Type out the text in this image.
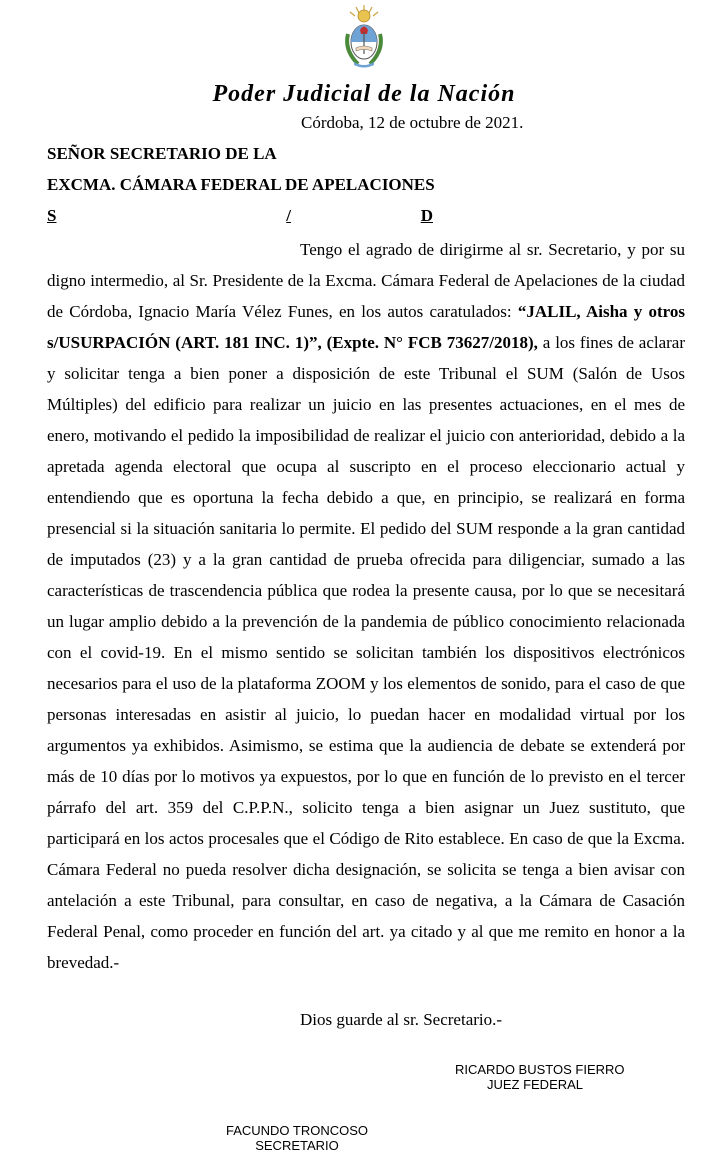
Poder Judicial de la Nación
Córdoba, 12 de octubre de 2021.
SEÑOR SECRETARIO DE LA
EXCMA. CÁMARA FEDERAL DE APELACIONES
S	/	D

Tengo el agrado de dirigirme al sr. Secretario, y por su digno intermedio, al Sr. Presidente de la Excma. Cámara Federal de Apelaciones de la ciudad de Córdoba, Ignacio María Vélez Funes, en los autos caratulados: “JALIL, Aisha y otros s/USURPACIÓN (ART. 181 INC. 1)”, (Expte. N° FCB 73627/2018), a los fines de aclarar y solicitar tenga a bien poner a disposición de este Tribunal el SUM (Salón de Usos Múltiples) del edificio para realizar un juicio en las presentes actuaciones, en el mes de enero, motivando el pedido la imposibilidad de realizar el juicio con anterioridad, debido a la apretada agenda electoral que ocupa al suscripto en el proceso eleccionario actual y entendiendo que es oportuna la fecha debido a que, en principio, se realizará en forma presencial si la situación sanitaria lo permite. El pedido del SUM responde a la gran cantidad de imputados (23) y a la gran cantidad de prueba ofrecida para diligenciar, sumado a las características de trascendencia pública que rodea la presente causa, por lo que se necesitará un lugar amplio debido a la prevención de la pandemia de público conocimiento relacionada con el covid-19. En el mismo sentido se solicitan también los dispositivos electrónicos necesarios para el uso de la plataforma ZOOM y los elementos de sonido, para el caso de que personas interesadas en asistir al juicio, lo puedan hacer en modalidad virtual por los argumentos ya exhibidos. Asimismo, se estima que la audiencia de debate se extenderá por más de 10 días por lo motivos ya expuestos, por lo que en función de lo previsto en el tercer párrafo del art. 359 del C.P.P.N., solicito tenga a bien asignar un Juez sustituto, que participará en los actos procesales que el Código de Rito establece. En caso de que la Excma. Cámara Federal no pueda resolver dicha designación, se solicita se tenga a bien avisar con antelación a este Tribunal, para consultar, en caso de negativa, a la Cámara de Casación Federal Penal, como proceder en función del art. ya citado y al que me remito en honor a la brevedad.-

Dios guarde al sr. Secretario.-
RICARDO BUSTOS FIERRO
JUEZ FEDERAL
FACUNDO TRONCOSO
SECRETARIO
